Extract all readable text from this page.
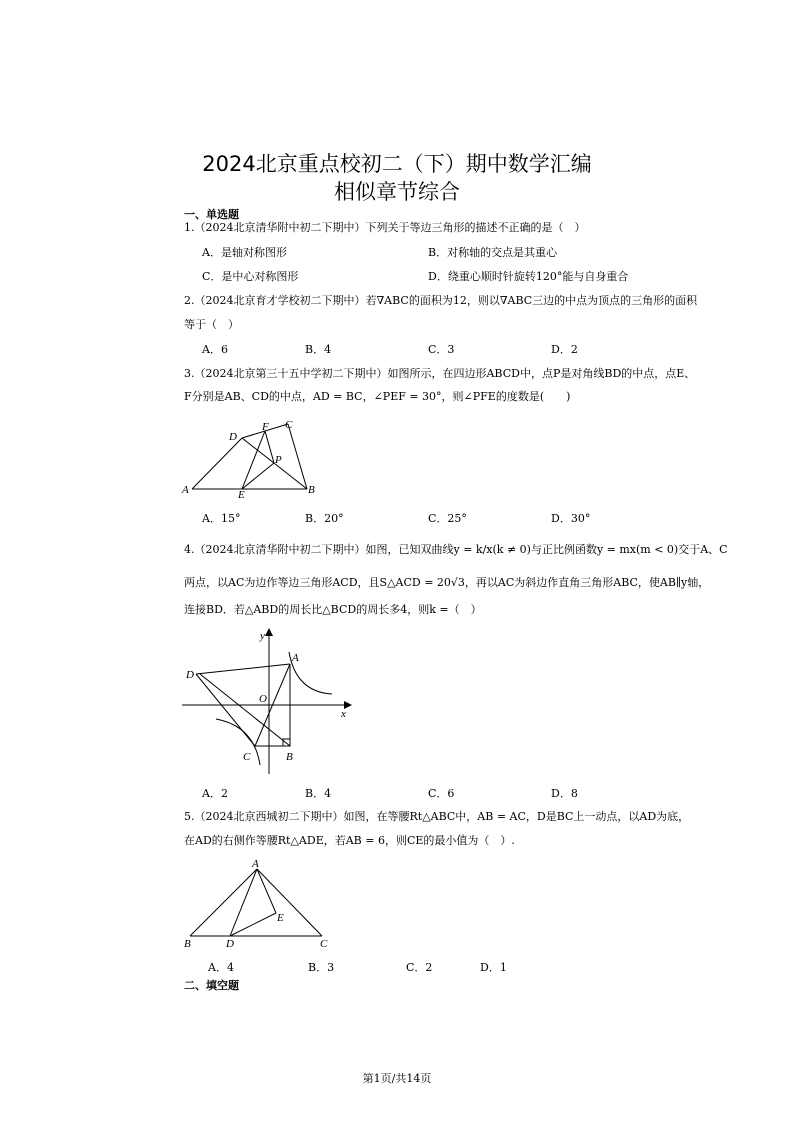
2024北京重点校初二（下）期中数学汇编
相似章节综合
一、单选题
1.（2024北京清华附中初二下期中）下列关于等边三角形的描述不正确的是（　）
A．是轴对称图形	B．对称轴的交点是其重心
C．是中心对称图形	D．绕重心顺时针旋转120°能与自身重合
2.（2024北京育才学校初二下期中）若∇ABC的面积为12，则以∇ABC三边的中点为顶点的三角形的面积
等于（　）
A．6	B．4	C．3	D．2
3.（2024北京第三十五中学初二下期中）如图所示，在四边形ABCD中，点P是对角线BD的中点，点E、
F分别是AB、CD的中点，AD = BC，∠PEF = 30°，则∠PFE的度数是(　　)
A	B
C
D
E
F
P
A．15°	B．20°	C．25°	D．30°
4.（2024北京清华附中初二下期中）如图，已知双曲线y = k/x(k ≠ 0)与正比例函数y = mx(m < 0)交于A、C
两点，以AC为边作等边三角形ACD，且S△ACD = 20√3，再以AC为斜边作直角三角形ABC，使AB∥y轴，
连接BD．若△ABD的周长比△BCD的周长多4，则k =（　）
y
x
O
A
B
C
D
A．2	B．4	C．6	D．8
5.（2024北京西城初二下期中）如图，在等腰Rt△ABC中，AB = AC，D是BC上一动点，以AD为底，
在AD的右侧作等腰Rt△ADE，若AB = 6，则CE的最小值为（　）.
A
B	C
D
E
A．4	B．3	C．2	D．1
二、填空题
第1页/共14页
